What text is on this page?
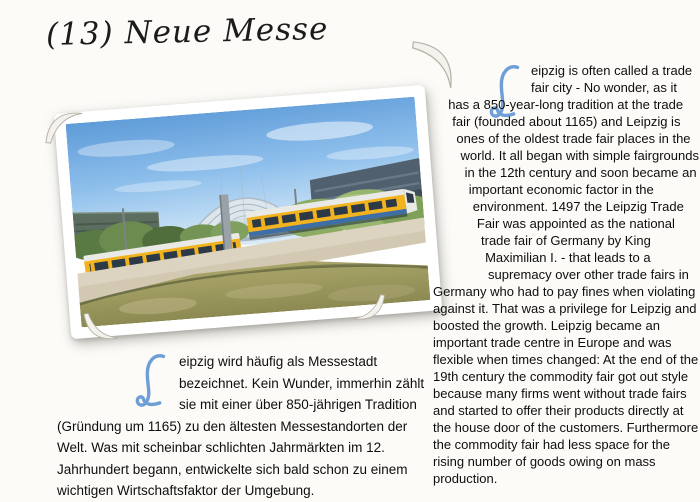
(13) Neue Messe

eipzig is often called a trade fair city - No wonder, as it has a 850-year-long tradition at the trade fair (founded about 1165) and Leipzig is ones of the oldest trade fair places in the world. It all began with simple fairgrounds in the 12th century and soon became an important economic factor in the environment. 1497 the Leipzig Trade Fair was appointed as the national trade fair of Germany by King Maximilian I. - that leads to a supremacy over other trade fairs in Germany who had to pay fines when violating against it. That was a privilege for Leipzig and boosted the growth. Leipzig became an important trade centre in Europe and was flexible when times changed: At the end of the 19th century the commodity fair got out style because many firms went without trade fairs and started to offer their products directly at the house door of the customers. Furthermore the commodity fair had less space for the rising number of goods owing on mass production.

eipzig wird häufig als Messestadt bezeichnet. Kein Wunder, immerhin zählt sie mit einer über 850-jährigen Tradition (Gründung um 1165) zu den ältesten Messestandorten der Welt. Was mit scheinbar schlichten Jahrmärkten im 12. Jahrhundert begann, entwickelte sich bald schon zu einem wichtigen Wirtschaftsfaktor der Umgebung.
